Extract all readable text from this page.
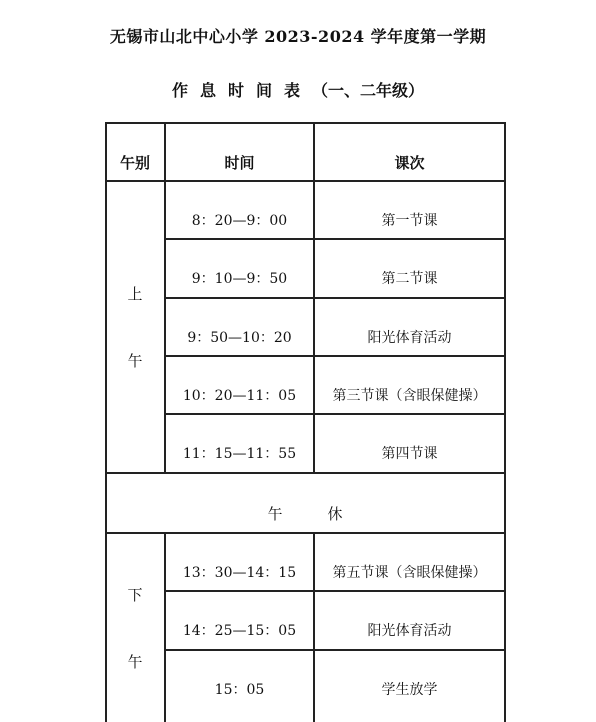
无锡市山北中心小学 2023-2024 学年度第一学期
作息时间表（一、二年级）
午别	时间	课次
上
午
8：20—9：00	第一节课
9：10—9：50	第二节课
9：50—10：20	阳光体育活动
10：20—11：05	第三节课（含眼保健操）
11：15—11：55	第四节课
午　　　休
下
午
13：30—14：15	第五节课（含眼保健操）
14：25—15：05	阳光体育活动
15：05	学生放学
